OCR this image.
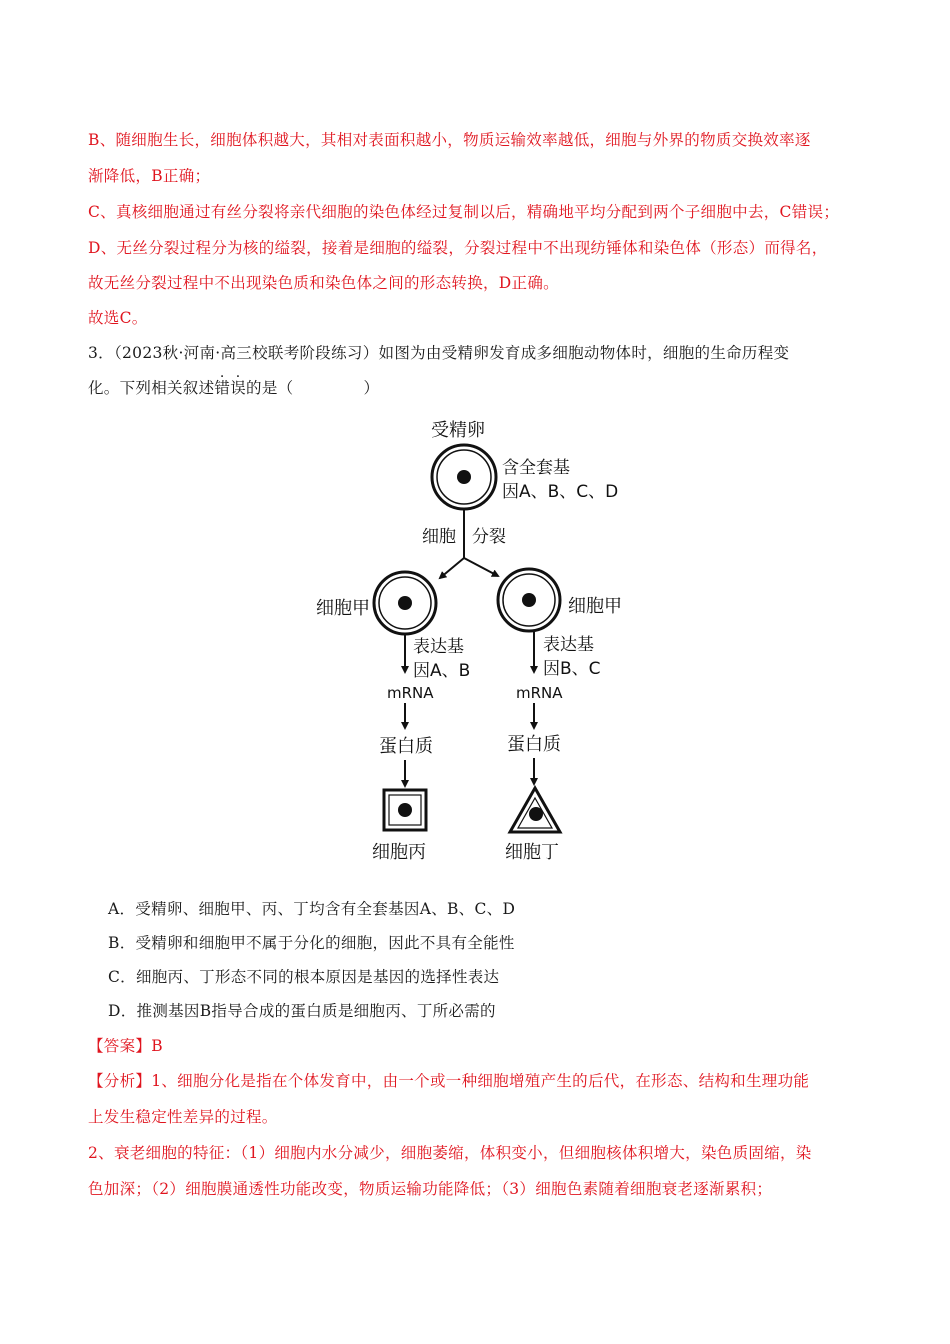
B、随细胞生长，细胞体积越大，其相对表面积越小，物质运输效率越低，细胞与外界的物质交换效率逐
渐降低，B正确；
C、真核细胞通过有丝分裂将亲代细胞的染色体经过复制以后，精确地平均分配到两个子细胞中去，C错误；
D、无丝分裂过程分为核的缢裂，接着是细胞的缢裂，分裂过程中不出现纺锤体和染色体（形态）而得名，
故无丝分裂过程中不出现染色质和染色体之间的形态转换，D正确。
故选C。
3．（2023秋·河南·高三校联考阶段练习）如图为由受精卵发育成多细胞动物体时，细胞的生命历程变
化。下列相关叙述错误的是（	）
受精卵
含全套基
因A、B、C、D
细胞 分裂
细胞甲	细胞甲
表达基
因A、B
表达基
因B、C
mRNA	mRNA
蛋白质	蛋白质
细胞丙	细胞丁
A．受精卵、细胞甲、丙、丁均含有全套基因A、B、C、D
B．受精卵和细胞甲不属于分化的细胞，因此不具有全能性
C．细胞丙、丁形态不同的根本原因是基因的选择性表达
D．推测基因B指导合成的蛋白质是细胞丙、丁所必需的
【答案】B
【分析】1、细胞分化是指在个体发育中，由一个或一种细胞增殖产生的后代，在形态、结构和生理功能
上发生稳定性差异的过程。
2、衰老细胞的特征：（1）细胞内水分减少，细胞萎缩，体积变小，但细胞核体积增大，染色质固缩，染
色加深；（2）细胞膜通透性功能改变，物质运输功能降低；（3）细胞色素随着细胞衰老逐渐累积；
